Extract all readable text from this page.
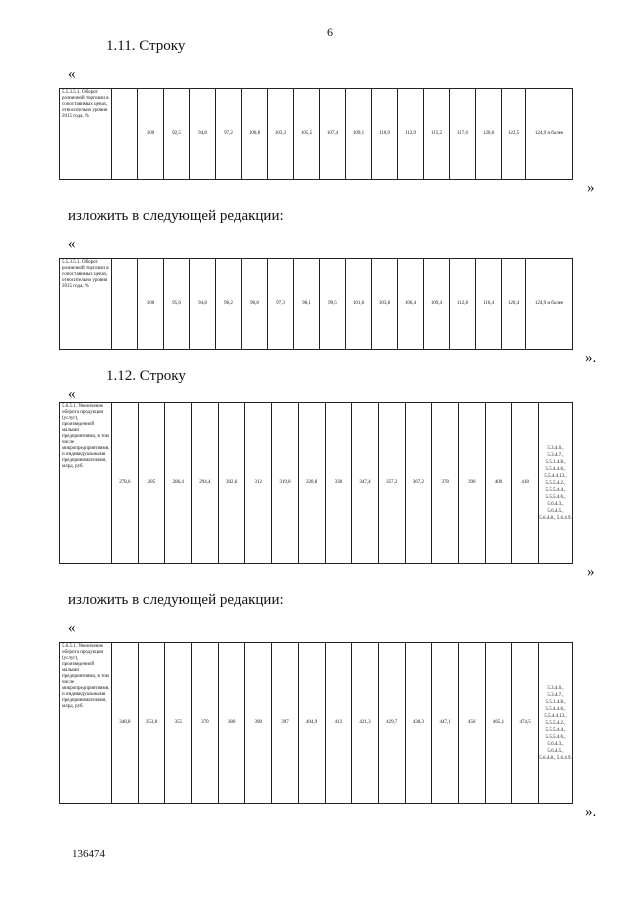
6
1.11. Строку
«
5.5.3.5.1. Оборот розничной торговли в сопоставимых ценах, относительно уровня 2015 года, %		100	92,5	94,8	97,2	100,8	103,3	105,5	107,4	109,1	110,9	112,9	115,2	117,6	120,0	122,5	124,9 и более	
»
изложить в следующей редакции:
«
5.5.3.5.1. Оборот розничной торговли в сопоставимых ценах, относительно уровня 2015 года, %		100	95,6	94,8	96,2	96,8	97,3	98,1	99,5	101,6	103,8	106,4	109,4	112,8	116,4	120,4	124,9 и более	
».
1.12. Строку
«
5.6.5.1. Увеличение оборота продукции (услуг), произведенной малыми предприятиями, в том числе микропредприятиями, и индивидуальными предпринимателями, млрд. руб.	278,6	285	286,4	294,4	302,6	312	319,8	328,8	338	347,4	357,2	367,2	378	390	400	418	5.3.4.6., 5.3.4.7., 5.5.1.4.8., 5.5.4.4.6., 5.5.4.4.13., 5.5.5.4.2., 5.5.5.4.4., 5.5.5.4.6., 5.6.4.3., 5.6.4.5., 5.6.4.8., 5.6.4.9.
»
изложить в следующей редакции:
«
5.6.5.1. Увеличение оборота продукции (услуг), произведенной малыми предприятиями, в том числе микропредприятиями, и индивидуальными предпринимателями, млрд. руб.	348,8	353,8	355	370	380	390	397	404,9	413	421,3	429,7	438,3	447,1	456	465,1	474,5	5.3.4.6., 5.3.4.7., 5.5.1.4.8., 5.5.4.4.6., 5.5.4.4.13., 5.5.5.4.2., 5.5.5.4.4., 5.5.5.4.6., 5.6.4.3., 5.6.4.5., 5.6.4.8., 5.6.4.9.
».
136474
